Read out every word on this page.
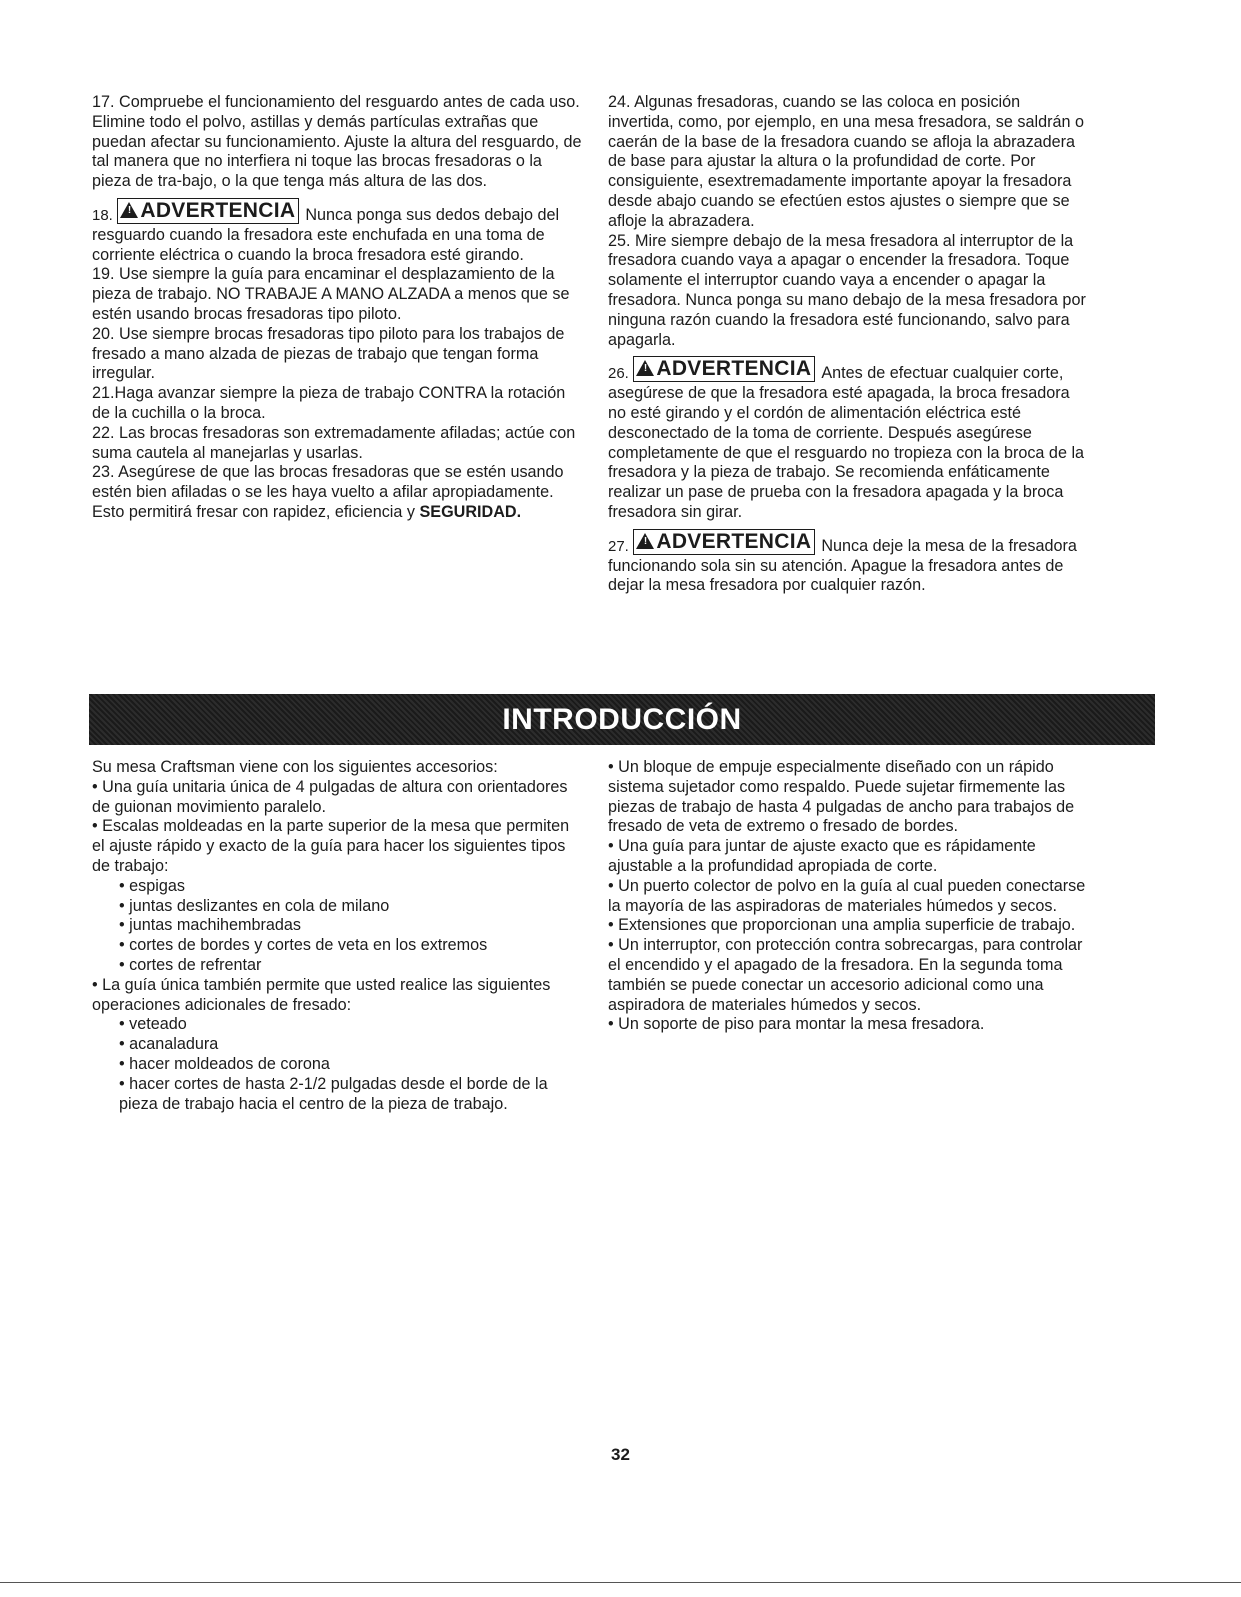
17. Compruebe el funcionamiento del resguardo antes de cada uso. Elimine todo el polvo, astillas y demás partículas extrañas que puedan afectar su funcionamiento. Ajuste la altura del resguardo, de tal manera que no interfiera ni toque las brocas fresadoras o la pieza de tra-bajo, o la que tenga más altura de las dos.

18. ! ADVERTENCIA Nunca ponga sus dedos debajo del resguardo cuando la fresadora este enchufada en una toma de corriente eléctrica o cuando la broca fresadora esté girando.

19. Use siempre la guía para encaminar el desplazamiento de la pieza de trabajo. NO TRABAJE A MANO ALZADA a menos que se estén usando brocas fresadoras tipo piloto.

20. Use siempre brocas fresadoras tipo piloto para los trabajos de fresado a mano alzada de piezas de trabajo que tengan forma irregular.

21.Haga avanzar siempre la pieza de trabajo CONTRA la rotación de la cuchilla o la broca.

22. Las brocas fresadoras son extremadamente afiladas; actúe con suma cautela al manejarlas y usarlas.

23. Asegúrese de que las brocas fresadoras que se estén usando estén bien afiladas o se les haya vuelto a afilar apropiadamente. Esto permitirá fresar con rapidez, eficiencia y SEGURIDAD.

24. Algunas fresadoras, cuando se las coloca en posición invertida, como, por ejemplo, en una mesa fresadora, se saldrán o caerán de la base de la fresadora cuando se afloja la abrazadera de base para ajustar la altura o la profundidad de corte. Por consiguiente, esextremadamente importante apoyar la fresadora desde abajo cuando se efectúen estos ajustes o siempre que se afloje la abrazadera.

25. Mire siempre debajo de la mesa fresadora al interruptor de la fresadora cuando vaya a apagar o encender la fresadora. Toque solamente el interruptor cuando vaya a encender o apagar la fresadora. Nunca ponga su mano debajo de la mesa fresadora por ninguna razón cuando la fresadora esté funcionando, salvo para apagarla.

26. ! ADVERTENCIA Antes de efectuar cualquier corte, asegúrese de que la fresadora esté apagada, la broca fresadora no esté girando y el cordón de alimentación eléctrica esté desconectado de la toma de corriente. Después asegúrese completamente de que el resguardo no tropieza con la broca de la fresadora y la pieza de trabajo. Se recomienda enfáticamente realizar un pase de prueba con la fresadora apagada y la broca fresadora sin girar.

27. ! ADVERTENCIA Nunca deje la mesa de la fresadora funcionando sola sin su atención. Apague la fresadora antes de dejar la mesa fresadora por cualquier razón.

INTRODUCCIÓN

Su mesa Craftsman viene con los siguientes accesorios:

• Una guía unitaria única de 4 pulgadas de altura con orientadores de guionan movimiento paralelo.

• Escalas moldeadas en la parte superior de la mesa que permiten el ajuste rápido y exacto de la guía para hacer los siguientes tipos de trabajo:

• espigas

• juntas deslizantes en cola de milano

• juntas machihembradas

• cortes de bordes y cortes de veta en los extremos

• cortes de refrentar

• La guía única también permite que usted realice las siguientes operaciones adicionales de fresado:

• veteado

• acanaladura

• hacer moldeados de corona

• hacer cortes de hasta 2-1/2 pulgadas desde el borde de la pieza de trabajo hacia el centro de la pieza de trabajo.

• Un bloque de empuje especialmente diseñado con un rápido sistema sujetador como respaldo. Puede sujetar firmemente las piezas de trabajo de hasta 4 pulgadas de ancho para trabajos de fresado de veta de extremo o fresado de bordes.

• Una guía para juntar de ajuste exacto que es rápidamente ajustable a la profundidad apropiada de corte.

• Un puerto colector de polvo en la guía al cual pueden conectarse la mayoría de las aspiradoras de materiales húmedos y secos.

• Extensiones que proporcionan una amplia superficie de trabajo.

• Un interruptor, con protección contra sobrecargas, para controlar el encendido y el apagado de la fresadora. En la segunda toma también se puede conectar un accesorio adicional como una aspiradora de materiales húmedos y secos.

• Un soporte de piso para montar la mesa fresadora.

32
